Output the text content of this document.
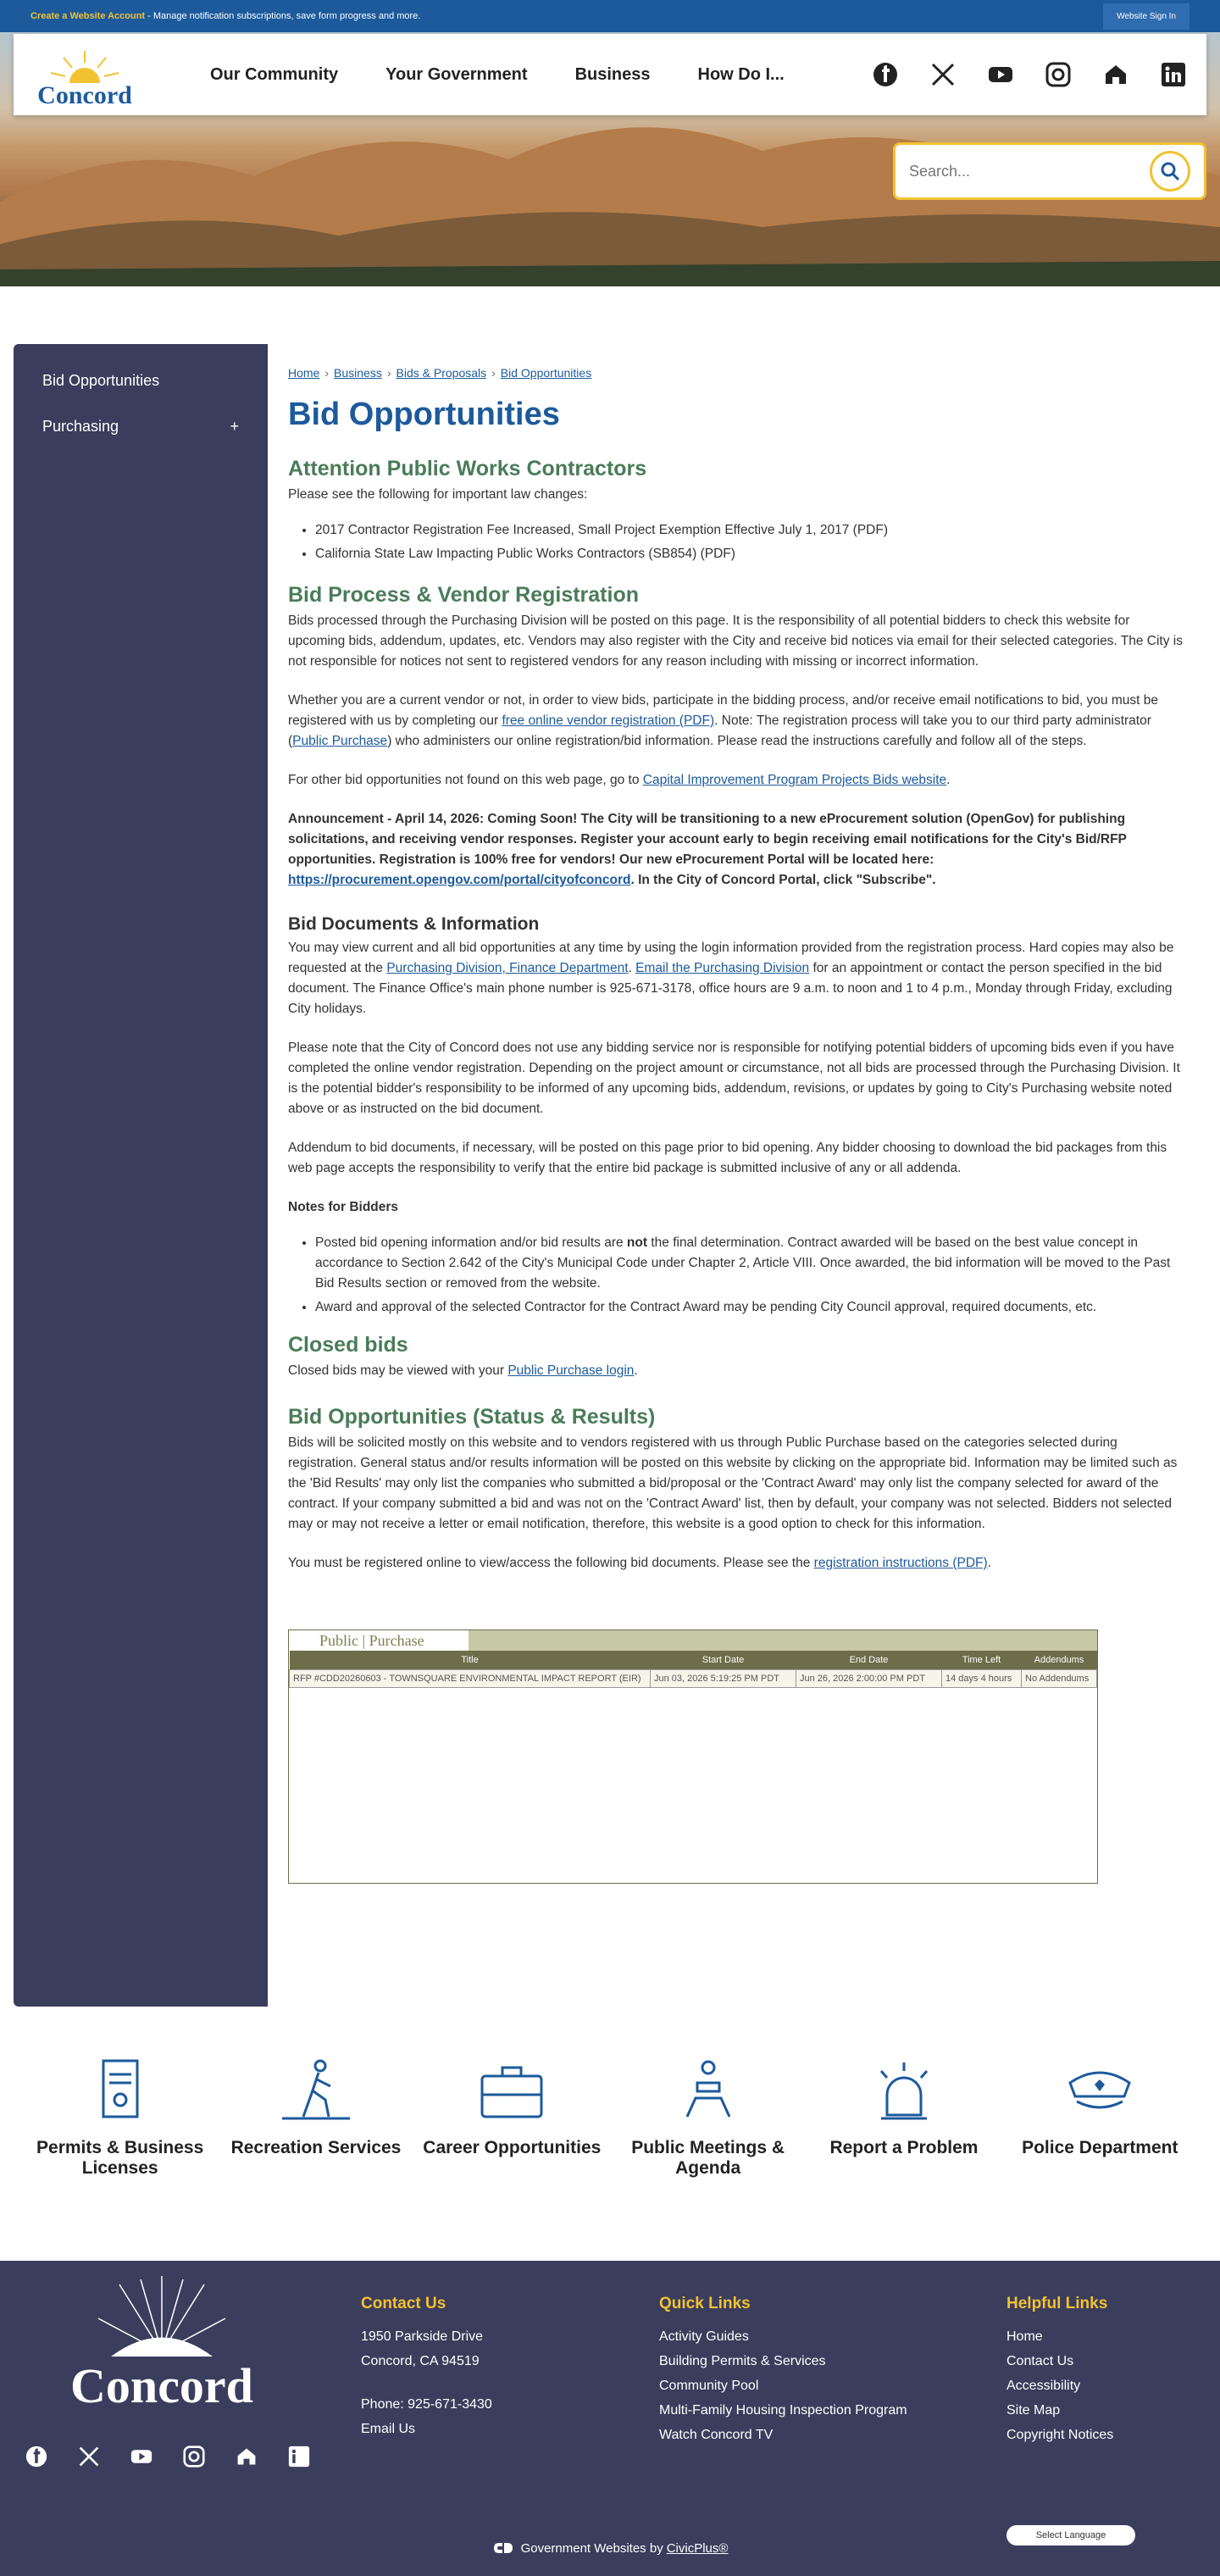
Create a Website Account - Manage notification subscriptions, save form progress and more.	Website Sign In
Concord
Our Community	Your Government	Business	How Do I...
Search...
Bid Opportunities
Purchasing	+
Home › Business › Bids & Proposals › Bid Opportunities
Bid Opportunities
Attention Public Works Contractors

Please see the following for important law changes:

• 2017 Contractor Registration Fee Increased, Small Project Exemption Effective July 1, 2017 (PDF)
• California State Law Impacting Public Works Contractors (SB854) (PDF)
Bid Process & Vendor Registration

Bids processed through the Purchasing Division will be posted on this page. It is the responsibility of all potential bidders to check this website for upcoming bids, addendum, updates, etc. Vendors may also register with the City and receive bid notices via email for their selected categories. The City is not responsible for notices not sent to registered vendors for any reason including with missing or incorrect information.

Whether you are a current vendor or not, in order to view bids, participate in the bidding process, and/or receive email notifications to bid, you must be registered with us by completing our free online vendor registration (PDF). Note: The registration process will take you to our third party administrator (Public Purchase) who administers our online registration/bid information. Please read the instructions carefully and follow all of the steps.

For other bid opportunities not found on this web page, go to Capital Improvement Program Projects Bids website.

Announcement - April 14, 2026: Coming Soon! The City will be transitioning to a new eProcurement solution (OpenGov) for publishing solicitations, and receiving vendor responses. Register your account early to begin receiving email notifications for the City's Bid/RFP opportunities. Registration is 100% free for vendors! Our new eProcurement Portal will be located here: https://procurement.opengov.com/portal/cityofconcord. In the City of Concord Portal, click "Subscribe".

Bid Documents & Information

You may view current and all bid opportunities at any time by using the login information provided from the registration process. Hard copies may also be requested at the Purchasing Division, Finance Department. Email the Purchasing Division for an appointment or contact the person specified in the bid document. The Finance Office's main phone number is 925-671-3178, office hours are 9 a.m. to noon and 1 to 4 p.m., Monday through Friday, excluding City holidays.

Please note that the City of Concord does not use any bidding service nor is responsible for notifying potential bidders of upcoming bids even if you have completed the online vendor registration. Depending on the project amount or circumstance, not all bids are processed through the Purchasing Division. It is the potential bidder's responsibility to be informed of any upcoming bids, addendum, revisions, or updates by going to City's Purchasing website noted above or as instructed on the bid document.

Addendum to bid documents, if necessary, will be posted on this page prior to bid opening. Any bidder choosing to download the bid packages from this web page accepts the responsibility to verify that the entire bid package is submitted inclusive of any or all addenda.

Notes for Bidders

• Posted bid opening information and/or bid results are not the final determination. Contract awarded will be based on the best value concept in accordance to Section 2.642 of the City's Municipal Code under Chapter 2, Article VIII. Once awarded, the bid information will be moved to the Past Bid Results section or removed from the website.
• Award and approval of the selected Contractor for the Contract Award may be pending City Council approval, required documents, etc.
Closed bids

Closed bids may be viewed with your Public Purchase login.

Bid Opportunities (Status & Results)

Bids will be solicited mostly on this website and to vendors registered with us through Public Purchase based on the categories selected during registration. General status and/or results information will be posted on this website by clicking on the appropriate bid. Information may be limited such as the 'Bid Results' may only list the companies who submitted a bid/proposal or the 'Contract Award' may only list the company selected for award of the contract. If your company submitted a bid and was not on the 'Contract Award' list, then by default, your company was not selected. Bidders not selected may or may not receive a letter or email notification, therefore, this website is a good option to check for this information.

You must be registered online to view/access the following bid documents. Please see the registration instructions (PDF).

Public | Purchase
Title	Start Date	End Date	Time Left	Addendums
RFP #CDD20260603 - TOWNSQUARE ENVIRONMENTAL IMPACT REPORT (EIR)	Jun 03, 2026 5:19:25 PM PDT	Jun 26, 2026 2:00:00 PM PDT	14 days 4 hours	No Addendums
Permits & Business Licenses
Recreation Services	Career Opportunities	Public Meetings & Agenda
Report a Problem	Police Department
Concord
Contact Us
1950 Parkside Drive
Concord, CA 94519
Phone: 925-671-3430
Email Us
Quick Links
Activity Guides
Building Permits & Services
Community Pool
Multi-Family Housing Inspection Program
Watch Concord TV
Helpful Links
Home
Contact Us
Accessibility
Site Map
Copyright Notices
Select Language
Government Websites by CivicPlus®
